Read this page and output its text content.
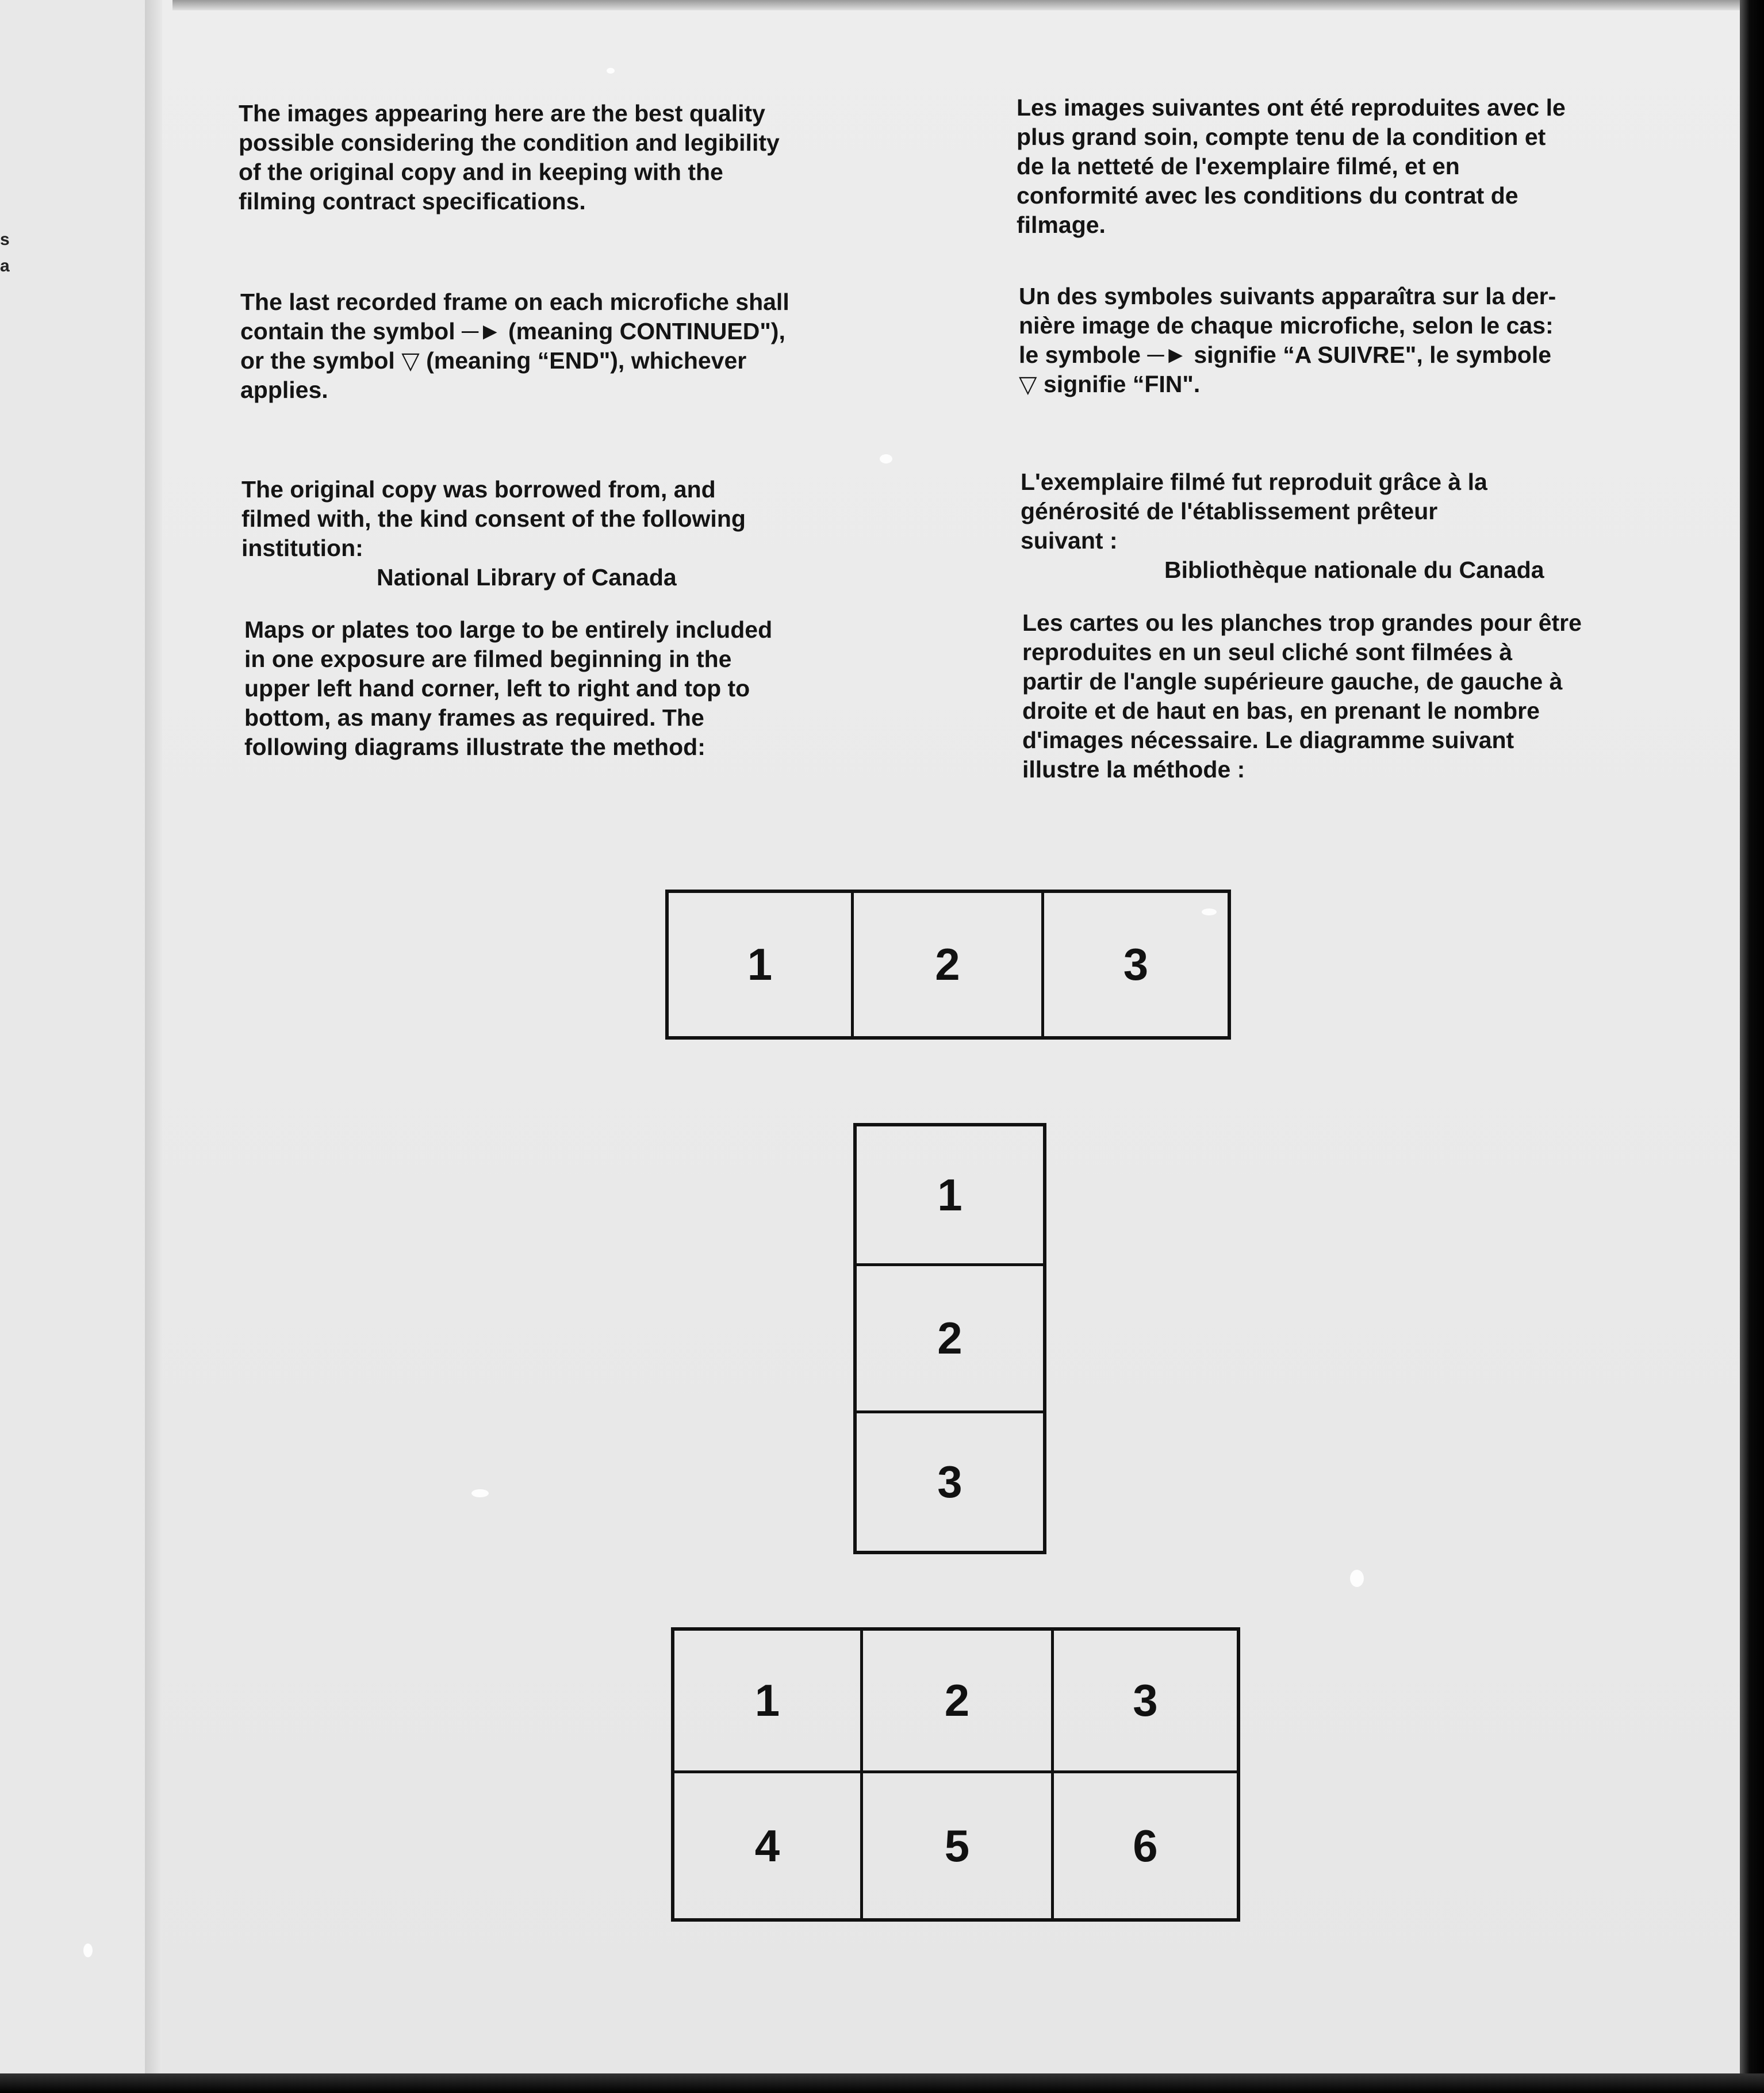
s
a

The images appearing here are the best quality
possible considering the condition and legibility
of the original copy and in keeping with the
filming contract specifications.

The last recorded frame on each microfiche shall
contain the symbol ─► (meaning CONTINUED"),
or the symbol ▽ (meaning “END"), whichever
applies.

The original copy was borrowed from, and
filmed with, the kind consent of the following
institution:

National Library of Canada

Maps or plates too large to be entirely included
in one exposure are filmed beginning in the
upper left hand corner, left to right and top to
bottom, as many frames as required. The
following diagrams illustrate the method:

Les images suivantes ont été reproduites avec le
plus grand soin, compte tenu de la condition et
de la netteté de l'exemplaire filmé, et en
conformité avec les conditions du contrat de
filmage.

Un des symboles suivants apparaîtra sur la der-
nière image de chaque microfiche, selon le cas:
le symbole ─► signifie “A SUIVRE", le symbole
▽ signifie “FIN".

L'exemplaire filmé fut reproduit grâce à la
générosité de l'établissement prêteur
suivant :

Bibliothèque nationale du Canada

Les cartes ou les planches trop grandes pour être
reproduites en un seul cliché sont filmées à
partir de l'angle supérieure gauche, de gauche à
droite et de haut en bas, en prenant le nombre
d'images nécessaire. Le diagramme suivant
illustre la méthode :

1	2	3
1
2
3
1	2	3
4	5	6
